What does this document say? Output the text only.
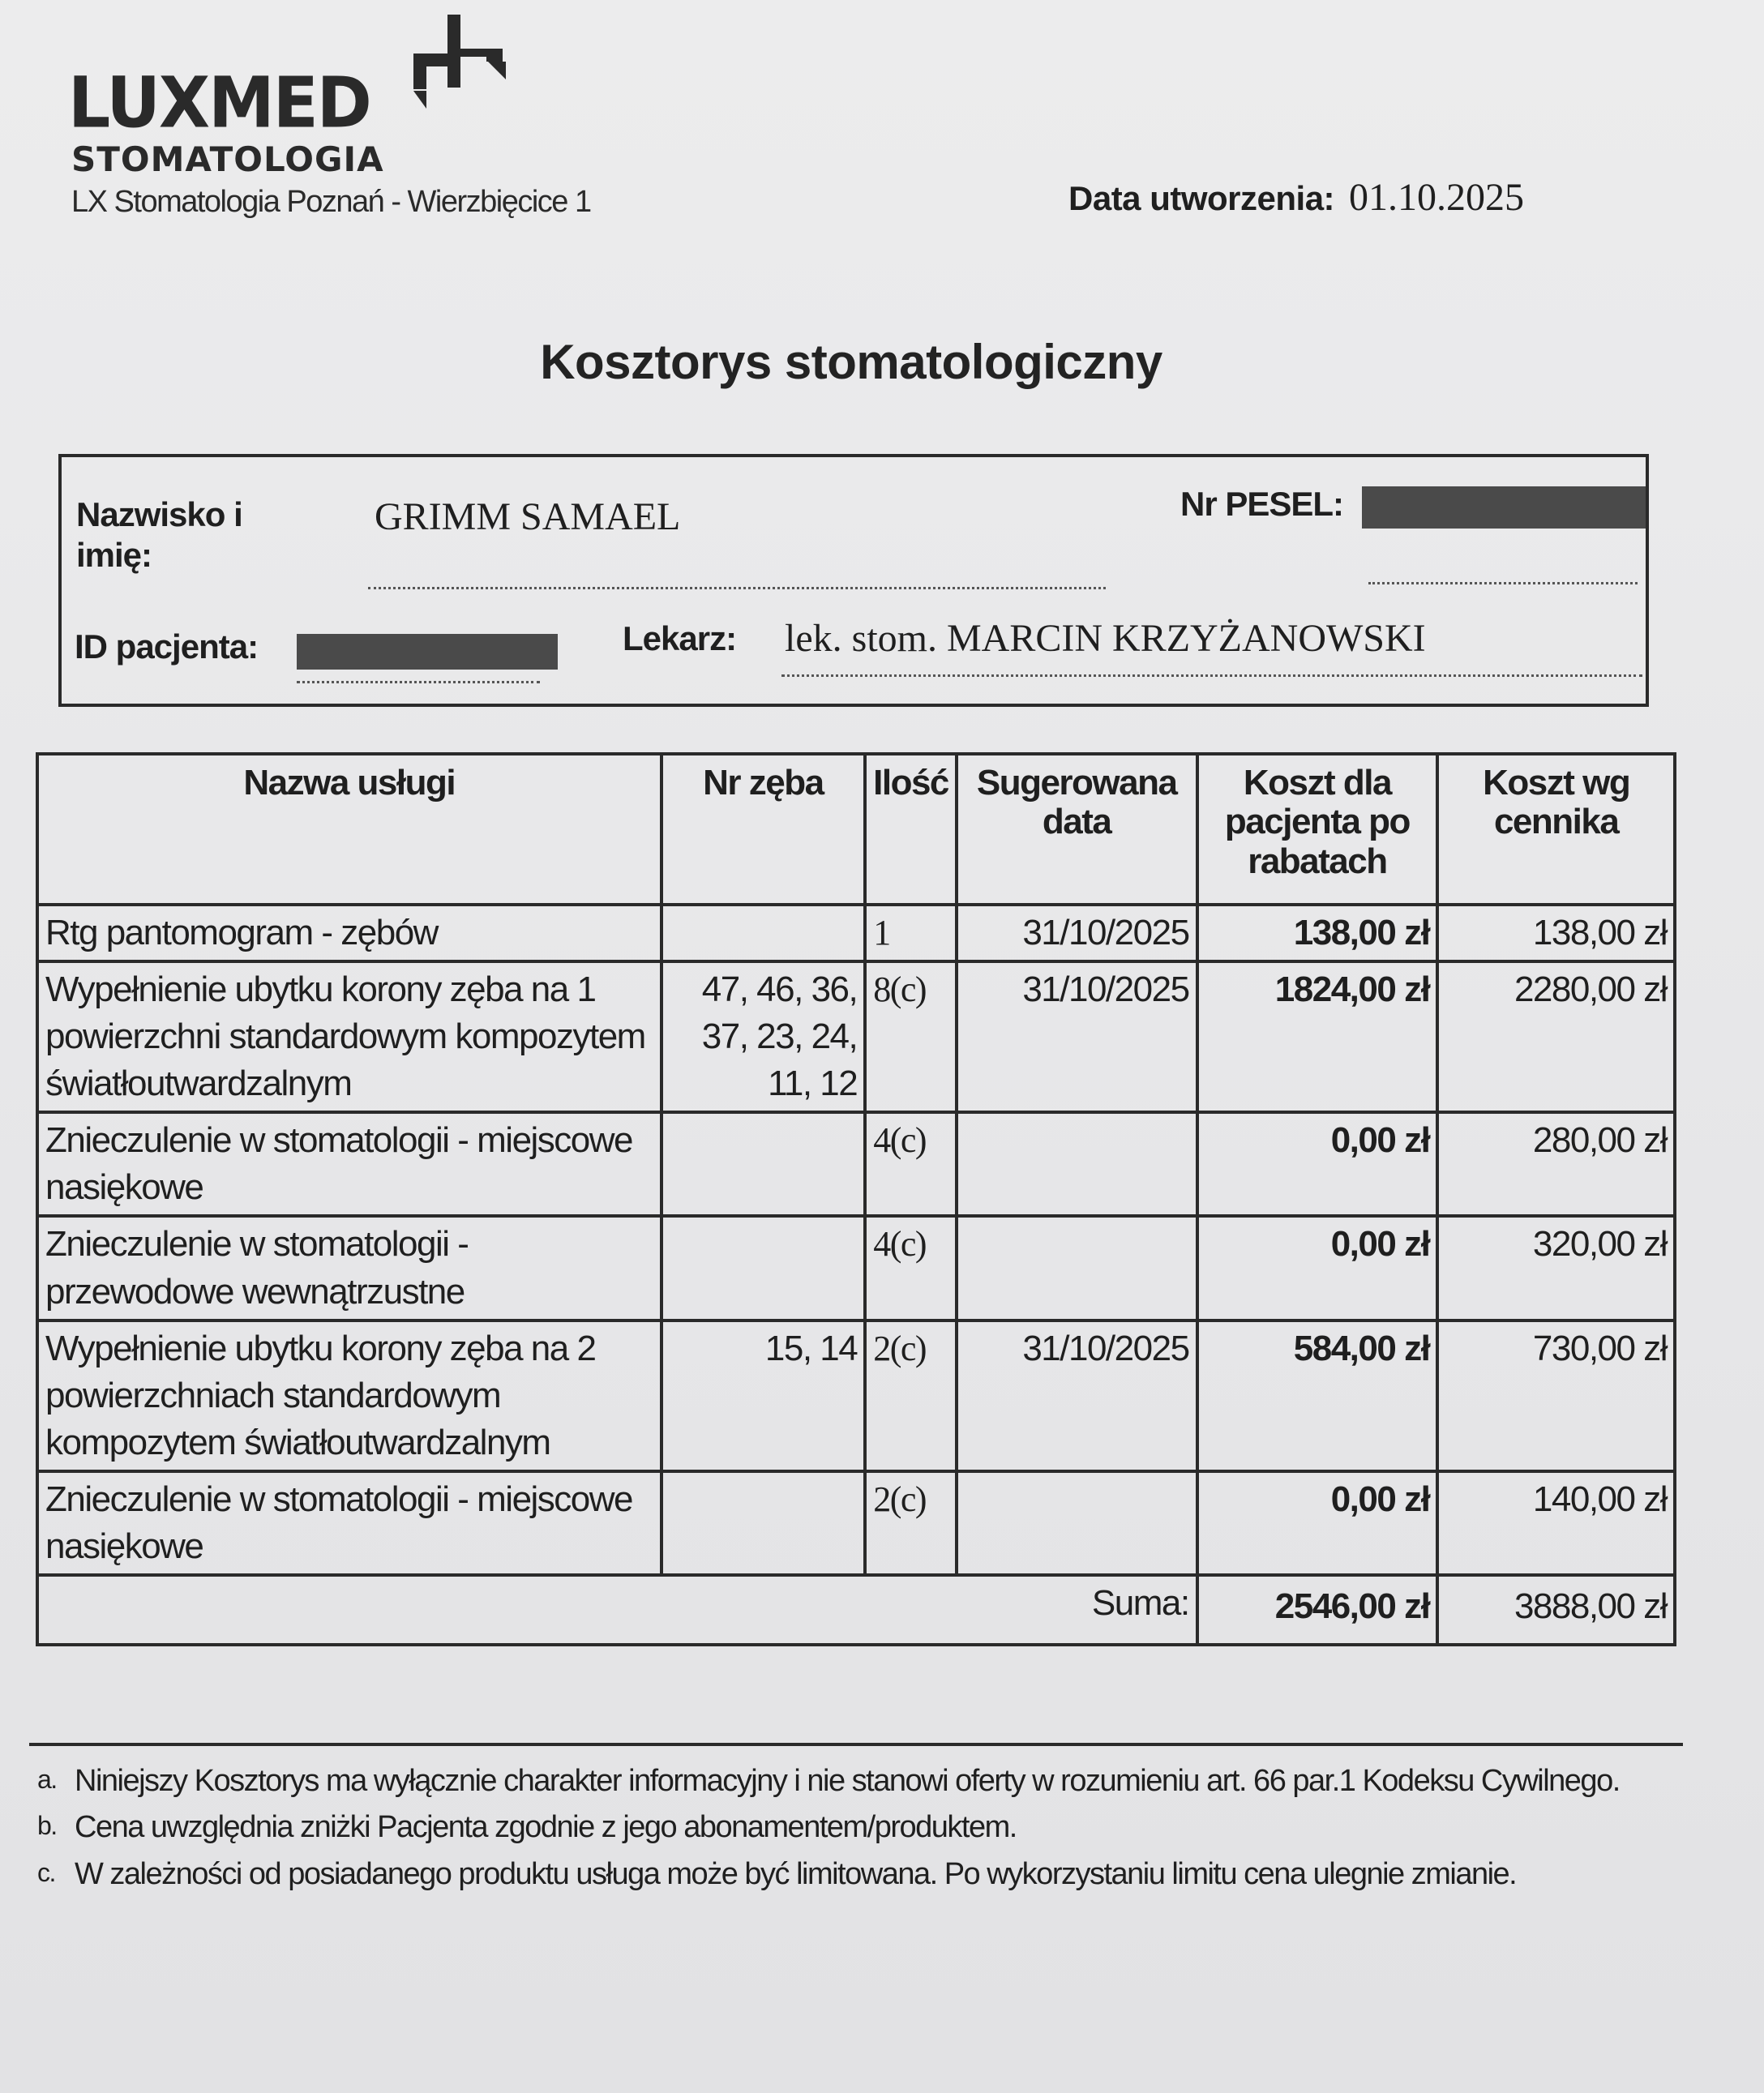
LUXMED
STOMATOLOGIA
LX Stomatologia Poznań - Wierzbięcice 1	Data utworzenia: 01.10.2025
Kosztorys stomatologiczny
Nazwisko i imię:
GRIMM SAMAEL	Nr PESEL:
ID pacjenta:	Lekarz: lek. stom. MARCIN KRZYŻANOWSKI
Nazwa usługi	Nr zęba	Ilość	Sugerowana data	Koszt dla pacjenta po rabatach	Koszt wg cennika
Rtg pantomogram - zębów		1	31/10/2025	138,00 zł	138,00 zł
Wypełnienie ubytku korony zęba na 1 powierzchni standardowym kompozytem światłoutwardzalnym	47, 46, 36, 37, 23, 24, 11, 12	8(c)	31/10/2025	1824,00 zł	2280,00 zł
Znieczulenie w stomatologii - miejscowe nasiękowe		4(c)		0,00 zł	280,00 zł
Znieczulenie w stomatologii - przewodowe wewnątrzustne		4(c)		0,00 zł	320,00 zł
Wypełnienie ubytku korony zęba na 2 powierzchniach standardowym kompozytem światłoutwardzalnym	15, 14	2(c)	31/10/2025	584,00 zł	730,00 zł
Znieczulenie w stomatologii - miejscowe nasiękowe		2(c)		0,00 zł	140,00 zł
Suma:				2546,00 zł	3888,00 zł
a. Niniejszy Kosztorys ma wyłącznie charakter informacyjny i nie stanowi oferty w rozumieniu art. 66 par.1 Kodeksu Cywilnego.
b. Cena uwzględnia zniżki Pacjenta zgodnie z jego abonamentem/produktem.
c. W zależności od posiadanego produktu usługa może być limitowana. Po wykorzystaniu limitu cena ulegnie zmianie.
